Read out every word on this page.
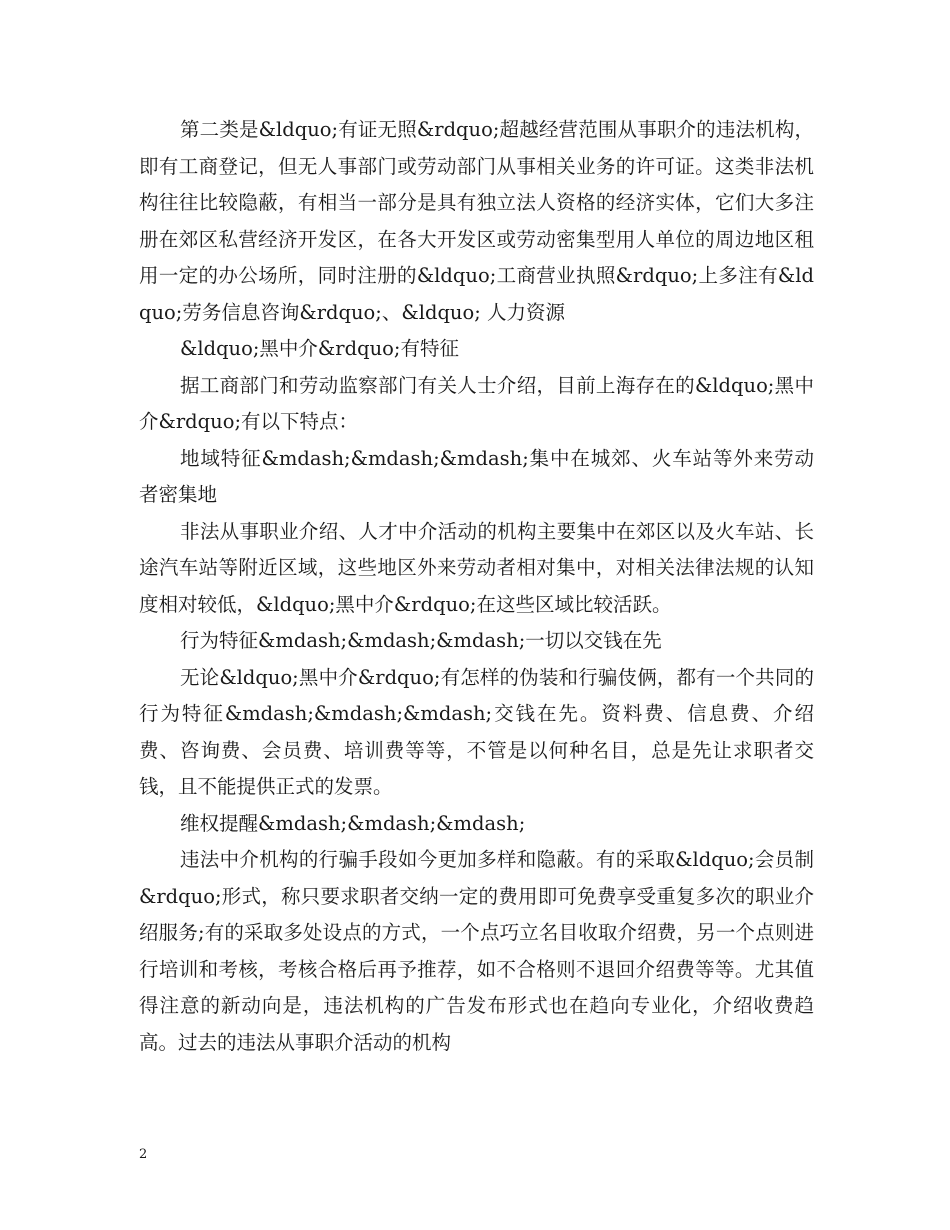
第二类是&ldquo;有证无照&rdquo;超越经营范围从事职介的违法机构，即有工商登记，但无人事部门或劳动部门从事相关业务的许可证。这类非法机构往往比较隐蔽，有相当一部分是具有独立法人资格的经济实体，它们大多注册在郊区私营经济开发区，在各大开发区或劳动密集型用人单位的周边地区租用一定的办公场所，同时注册的&ldquo;工商营业执照&rdquo;上多注有&ldquo;劳务信息咨询&rdquo;、&ldquo; 人力资源

&ldquo;黑中介&rdquo;有特征

据工商部门和劳动监察部门有关人士介绍，目前上海存在的&ldquo;黑中介&rdquo;有以下特点：

地域特征&mdash;&mdash;&mdash;集中在城郊、火车站等外来劳动者密集地

非法从事职业介绍、人才中介活动的机构主要集中在郊区以及火车站、长途汽车站等附近区域，这些地区外来劳动者相对集中，对相关法律法规的认知度相对较低，&ldquo;黑中介&rdquo;在这些区域比较活跃。

行为特征&mdash;&mdash;&mdash;一切以交钱在先

无论&ldquo;黑中介&rdquo;有怎样的伪装和行骗伎俩，都有一个共同的行为特征&mdash;&mdash;&mdash;交钱在先。资料费、信息费、介绍费、咨询费、会员费、培训费等等，不管是以何种名目，总是先让求职者交钱，且不能提供正式的发票。

维权提醒&mdash;&mdash;&mdash;

违法中介机构的行骗手段如今更加多样和隐蔽。有的采取&ldquo;会员制&rdquo;形式，称只要求职者交纳一定的费用即可免费享受重复多次的职业介绍服务;有的采取多处设点的方式，一个点巧立名目收取介绍费，另一个点则进行培训和考核，考核合格后再予推荐，如不合格则不退回介绍费等等。尤其值得注意的新动向是，违法机构的广告发布形式也在趋向专业化，介绍收费趋高。过去的违法从事职介活动的机构

2
